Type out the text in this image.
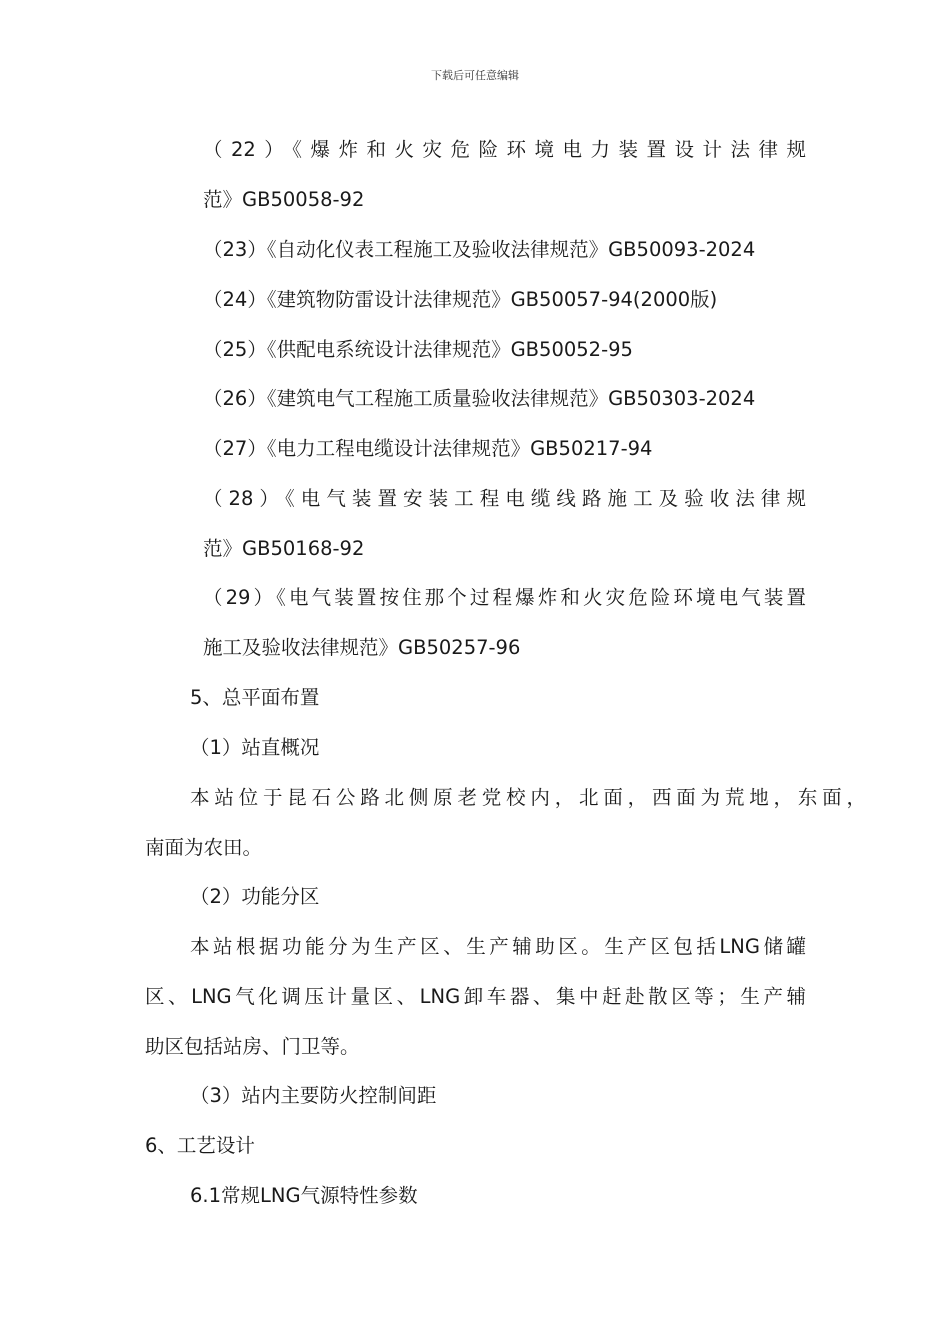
下载后可任意编辑
（22）《爆炸和火灾危险环境电力装置设计法律规
范》GB50058-92
（23）《自动化仪表工程施工及验收法律规范》GB50093-2024
（24）《建筑物防雷设计法律规范》GB50057-94(2000版)
（25）《供配电系统设计法律规范》GB50052-95
（26）《建筑电气工程施工质量验收法律规范》GB50303-2024
（27）《电力工程电缆设计法律规范》GB50217-94
（28）《电气装置安装工程电缆线路施工及验收法律规
范》GB50168-92
（29）《电气装置按住那个过程爆炸和火灾危险环境电气装置
施工及验收法律规范》GB50257-96
5、总平面布置
（1）站直概况
本站位于昆石公路北侧原老党校内，北面，西面为荒地，东面，
南面为农田。
（2）功能分区
本站根据功能分为生产区、生产辅助区。生产区包括LNG储罐
区、LNG气化调压计量区、LNG卸车器、集中赶赴散区等；生产辅
助区包括站房、门卫等。
（3）站内主要防火控制间距
6、工艺设计
6.1常规LNG气源特性参数
